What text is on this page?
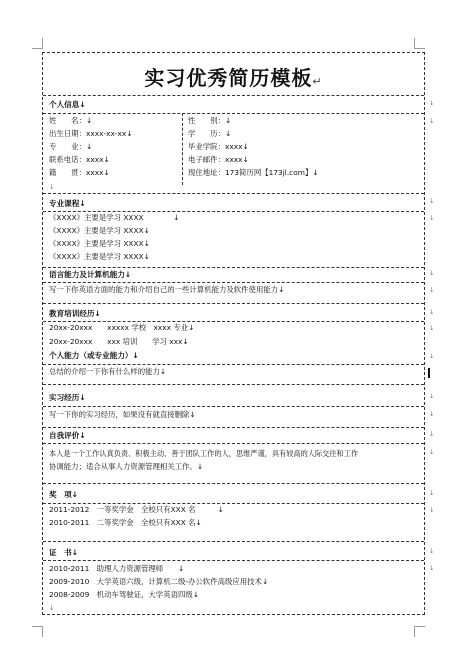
实习优秀简历模板↵
个人信息↓
姓　　名：↓
出生日期：xxxx-xx-xx↓
专　　业：↓
联系电话：xxxx↓
籍　　贯：xxxx↓
性　　别：↓
学　　历：↓
毕业学院：xxxx↓
电子邮件：xxxx↓
现住地址：173简历网【173jl.com】↓
↓
专业课程↓
《XXXX》主要是学习 XXXX　　　　↓
《XXXX》主要是学习 XXXX↓
《XXXX》主要是学习 XXXX↓
《XXXX》主要是学习 XXXX↓
语言能力及计算机能力↓
写一下你英语方面的能力和介绍自己的一些计算机能力及软件使用能力↓
教育培训经历↓
20xx-20xxx　　xxxxx 学校　xxxx 专业↓
20xx-20xxx　　xxx 培训　　学习 xxx↓
个人能力（或专业能力）↓
总结的介绍一下你有什么样的能力↓
实习经历↓
写一下你的实习经历，如果没有就直接删除↓
自我评价↓
本人是一个工作认真负责、积极主动、善于团队工作的人，思维严谨，具有较高的人际交往和工作
协调能力；适合从事人力资源管理相关工作。↓
奖　项↓
2011-2012　一等奖学金　全校只有XXX 名　　　↓
2010-2011　二等奖学金　全校只有XXX 名↓
证　书↓
2010-2011　助理人力资源管理师　　↓
2009-2010　大学英语六级，计算机二级-办公软件高级应用技术↓
2008-2009　机动车驾驶证，大学英语四级↓
↓
↓
↓
↓
↓
↓
↓
↓
↓
↓
↓
↓
↓
↓
↓
↓
↓
↓
